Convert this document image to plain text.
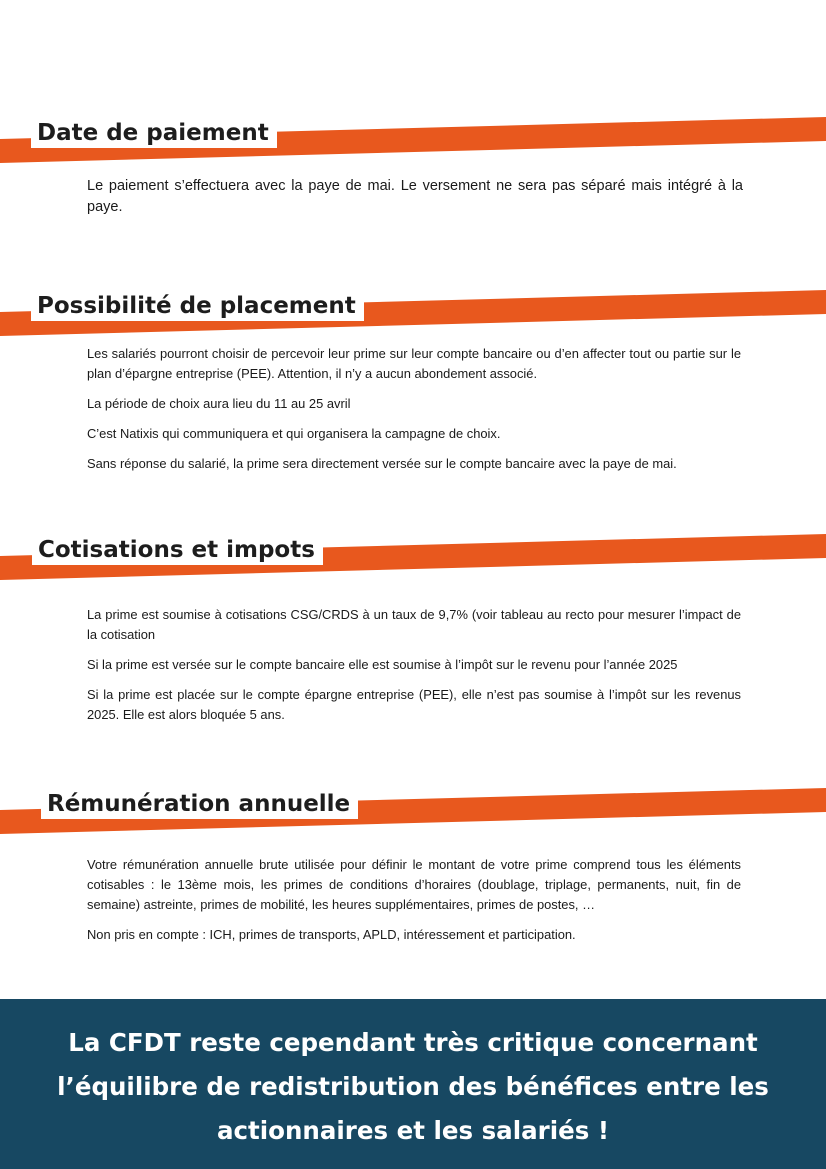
Date de paiement

Le paiement s’effectuera avec la paye de mai. Le versement ne sera pas séparé mais intégré à la paye.

Possibilité de placement

Les salariés pourront choisir de percevoir leur prime sur leur compte bancaire ou d’en affecter tout ou partie sur le plan d’épargne entreprise (PEE). Attention, il n’y a aucun abondement associé.

La période de choix aura lieu du 11 au 25 avril

C’est Natixis qui communiquera et qui organisera la campagne de choix.

Sans réponse du salarié, la prime sera directement versée sur le compte bancaire avec la paye de mai.

Cotisations et impots

La prime est soumise à cotisations CSG/CRDS à un taux de 9,7% (voir tableau au recto pour mesurer l’impact de la cotisation

Si la prime est versée sur le compte bancaire elle est soumise à l’impôt sur le revenu pour l’année 2025

Si la prime est placée sur le compte épargne entreprise (PEE), elle n’est pas soumise à l’impôt sur les revenus 2025. Elle est alors bloquée 5 ans.

Rémunération annuelle

Votre rémunération annuelle brute utilisée pour définir le montant de votre prime comprend tous les éléments cotisables : le 13ème mois, les primes de conditions d’horaires (doublage, triplage, permanents, nuit, fin de semaine) astreinte, primes de mobilité, les heures supplémentaires, primes de postes, …

Non pris en compte : ICH, primes de transports, APLD, intéressement et participation.

La CFDT reste cependant très critique concernant l’équilibre de redistribution des bénéfices entre les actionnaires et les salariés !
